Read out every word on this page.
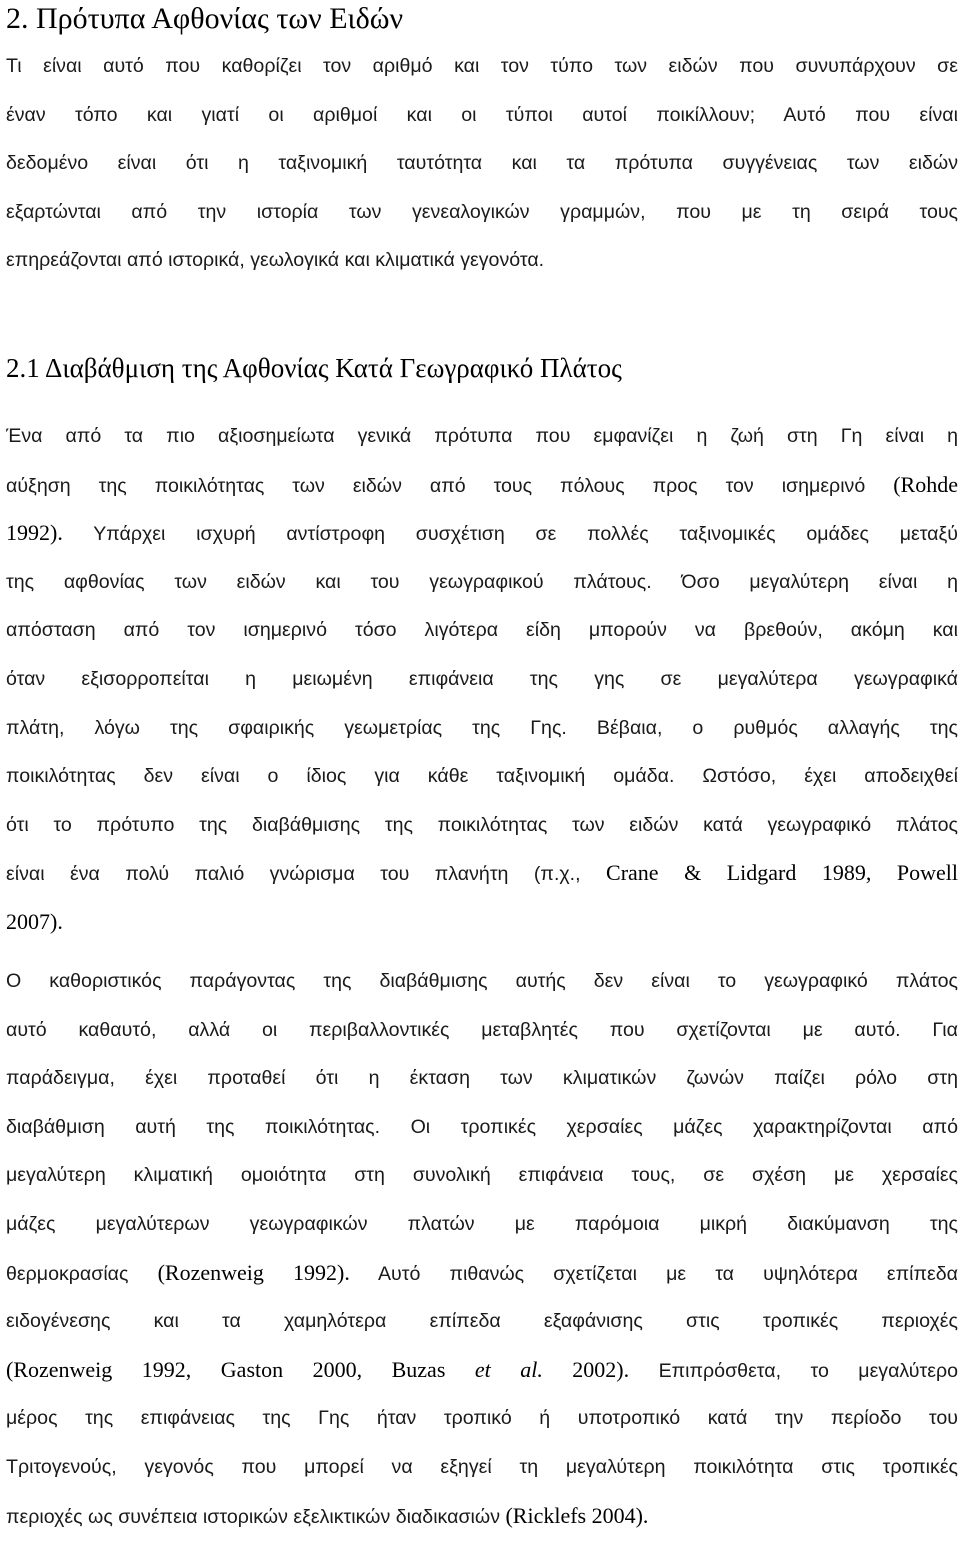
2. Πρότυπα Αφθονίας των Ειδών
Τι είναι αυτό που καθορίζει τον αριθμό και τον τύπο των ειδών που συνυπάρχουν σε
έναν τόπο και γιατί οι αριθμοί και οι τύποι αυτοί ποικίλλουν; Αυτό που είναι
δεδομένο είναι ότι η ταξινομική ταυτότητα και τα πρότυπα συγγένειας των ειδών
εξαρτώνται από την ιστορία των γενεαλογικών γραμμών, που με τη σειρά τους
επηρεάζονται από ιστορικά, γεωλογικά και κλιματικά γεγονότα.
2.1 Διαβάθμιση της Αφθονίας Κατά Γεωγραφικό Πλάτος
Ένα από τα πιο αξιοσημείωτα γενικά πρότυπα που εμφανίζει η ζωή στη Γη είναι η
αύξηση της ποικιλότητας των ειδών από τους πόλους προς τον ισημερινό (Rohde
1992). Υπάρχει ισχυρή αντίστροφη συσχέτιση σε πολλές ταξινομικές ομάδες μεταξύ
της αφθονίας των ειδών και του γεωγραφικού πλάτους. Όσο μεγαλύτερη είναι η
απόσταση από τον ισημερινό τόσο λιγότερα είδη μπορούν να βρεθούν, ακόμη και
όταν εξισορροπείται η μειωμένη επιφάνεια της γης σε μεγαλύτερα γεωγραφικά
πλάτη, λόγω της σφαιρικής γεωμετρίας της Γης. Βέβαια, ο ρυθμός αλλαγής της
ποικιλότητας δεν είναι ο ίδιος για κάθε ταξινομική ομάδα. Ωστόσο, έχει αποδειχθεί
ότι το πρότυπο της διαβάθμισης της ποικιλότητας των ειδών κατά γεωγραφικό πλάτος
είναι ένα πολύ παλιό γνώρισμα του πλανήτη (π.χ., Crane & Lidgard 1989, Powell
2007).
Ο καθοριστικός παράγοντας της διαβάθμισης αυτής δεν είναι το γεωγραφικό πλάτος
αυτό καθαυτό, αλλά οι περιβαλλοντικές μεταβλητές που σχετίζονται με αυτό. Για
παράδειγμα, έχει προταθεί ότι η έκταση των κλιματικών ζωνών παίζει ρόλο στη
διαβάθμιση αυτή της ποικιλότητας. Οι τροπικές χερσαίες μάζες χαρακτηρίζονται από
μεγαλύτερη κλιματική ομοιότητα στη συνολική επιφάνεια τους, σε σχέση με χερσαίες
μάζες μεγαλύτερων γεωγραφικών πλατών με παρόμοια μικρή διακύμανση της
θερμοκρασίας (Rozenweig 1992). Αυτό πιθανώς σχετίζεται με τα υψηλότερα επίπεδα
ειδογένεσης και τα χαμηλότερα επίπεδα εξαφάνισης στις τροπικές περιοχές
(Rozenweig 1992, Gaston 2000, Buzas et al. 2002). Επιπρόσθετα, το μεγαλύτερο
μέρος της επιφάνειας της Γης ήταν τροπικό ή υποτροπικό κατά την περίοδο του
Τριτογενούς, γεγονός που μπορεί να εξηγεί τη μεγαλύτερη ποικιλότητα στις τροπικές
περιοχές ως συνέπεια ιστορικών εξελικτικών διαδικασιών (Ricklefs 2004).
